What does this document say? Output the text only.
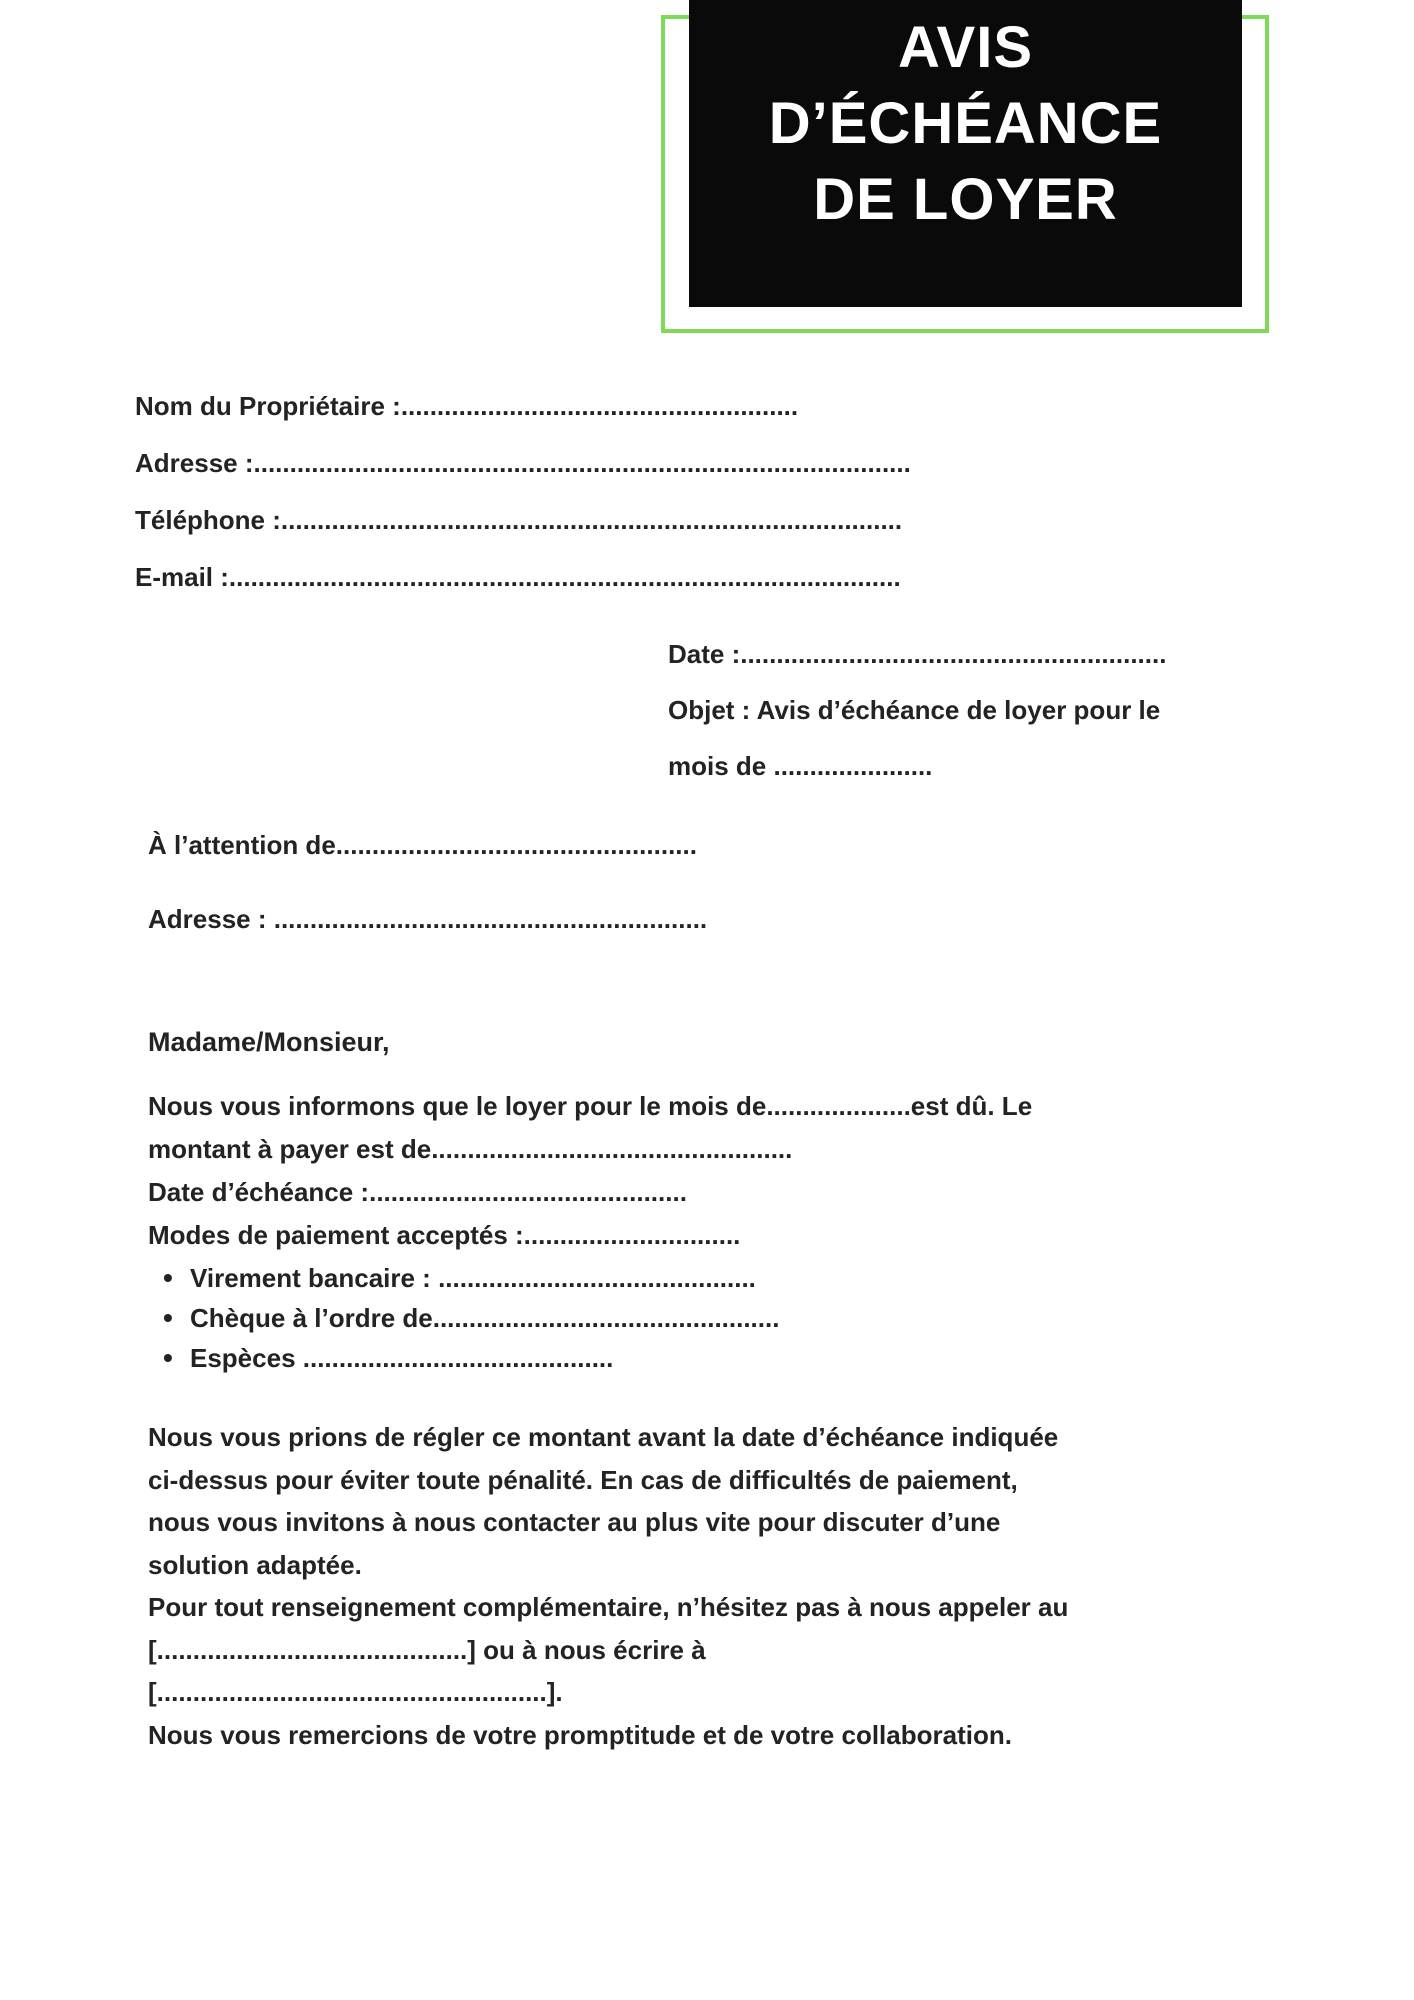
AVIS
D’ÉCHÉANCE
DE LOYER
Nom du Propriétaire :.......................................................
Adresse :...........................................................................................
Téléphone :......................................................................................
E-mail :.............................................................................................
Date :...........................................................
Objet : Avis d’échéance de loyer pour le
mois de ......................
À l’attention de..................................................
Adresse : ............................................................
Madame/Monsieur,
Nous vous informons que le loyer pour le mois de....................est dû. Le
montant à payer est de..................................................
Date d’échéance :............................................
Modes de paiement acceptés :..............................
• Virement bancaire : ............................................
• Chèque à l’ordre de................................................
• Espèces ...........................................
Nous vous prions de régler ce montant avant la date d’échéance indiquée
ci-dessus pour éviter toute pénalité. En cas de difficultés de paiement,
nous vous invitons à nous contacter au plus vite pour discuter d’une
solution adaptée.
Pour tout renseignement complémentaire, n’hésitez pas à nous appeler au
[...........................................] ou à nous écrire à
[......................................................].
Nous vous remercions de votre promptitude et de votre collaboration.
